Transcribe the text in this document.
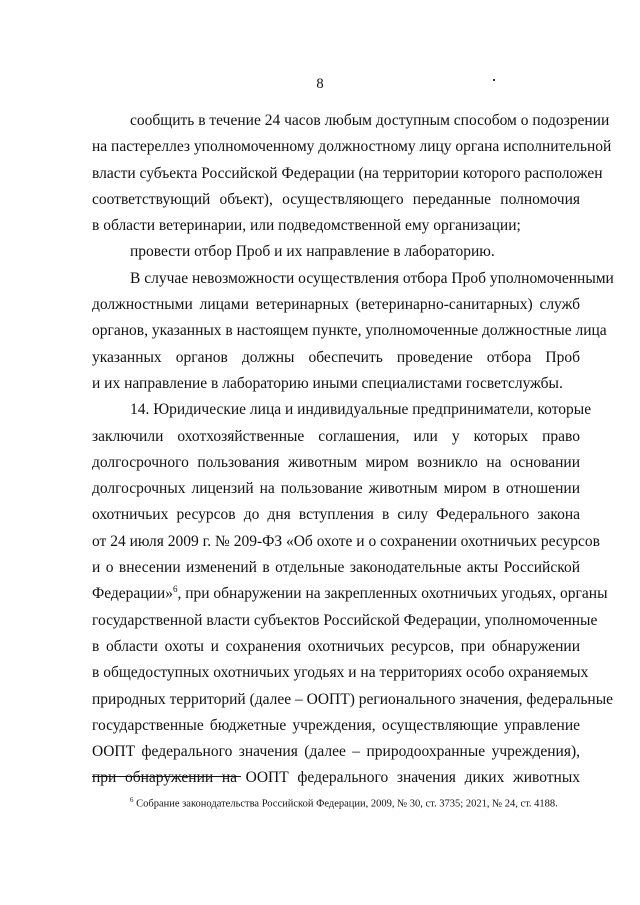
8

сообщить в течение 24 часов любым доступным способом о подозрении

на пастереллез уполномоченному должностному лицу органа исполнительной

власти субъекта Российской Федерации (на территории которого расположен

соответствующий объект), осуществляющего переданные полномочия

в области ветеринарии, или подведомственной ему организации;

провести отбор Проб и их направление в лабораторию.

В случае невозможности осуществления отбора Проб уполномоченными

должностными лицами ветеринарных (ветеринарно-санитарных) служб

органов, указанных в настоящем пункте, уполномоченные должностные лица

указанных органов должны обеспечить проведение отбора Проб

и их направление в лабораторию иными специалистами госветслужбы.

14. Юридические лица и индивидуальные предприниматели, которые

заключили охотхозяйственные соглашения, или у которых право

долгосрочного пользования животным миром возникло на основании

долгосрочных лицензий на пользование животным миром в отношении

охотничьих ресурсов до дня вступления в силу Федерального закона

от 24 июля 2009 г. № 209-ФЗ «Об охоте и о сохранении охотничьих ресурсов

и о внесении изменений в отдельные законодательные акты Российской

Федерации»$^6$, при обнаружении на закрепленных охотничьих угодьях, органы

государственной власти субъектов Российской Федерации, уполномоченные

в области охоты и сохранения охотничьих ресурсов, при обнаружении

в общедоступных охотничьих угодьях и на территориях особо охраняемых

природных территорий (далее – ООПТ) регионального значения, федеральные

государственные бюджетные учреждения, осуществляющие управление

ООПТ федерального значения (далее – природоохранные учреждения),

при обнаружении на ООПТ федерального значения диких животных

$^6$ Собрание законодательства Российской Федерации, 2009, № 30, ст. 3735; 2021, № 24, ст. 4188.
